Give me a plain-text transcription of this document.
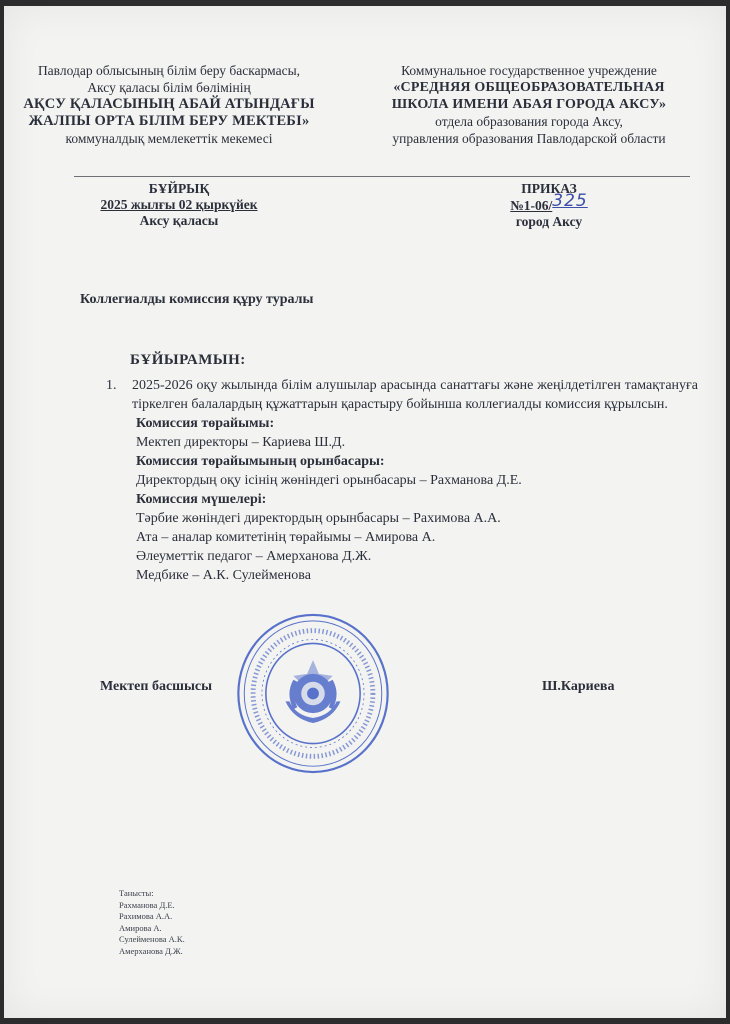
Павлодар облысының білім беру баскармасы,
Аксу қаласы білім бөлімінің
АҚСУ ҚАЛАСЫНЫҢ АБАЙ АТЫНДАҒЫ
ЖАЛПЫ ОРТА БІЛІМ БЕРУ МЕКТЕБІ»
коммуналдық мемлекеттік мекемесі
Коммунальное государственное учреждение
«СРЕДНЯЯ ОБЩЕОБРАЗОВАТЕЛЬНАЯ
ШКОЛА ИМЕНИ АБАЯ ГОРОДА АКСУ»
отдела образования города Аксу,
управления образования Павлодарской области
БҰЙРЫҚ
2025 жылғы 02 қыркүйек
Аксу қаласы
ПРИКАЗ
№1-06/325
город Аксу
Коллегиалды комиссия құру туралы
БҰЙЫРАМЫН:
1.	2025-2026 оқу жылында білім алушылар арасында санаттағы және жеңілдетілген тамақтануға тіркелген балалардың құжаттарын қарастыру бойынша коллегиалды комиссия құрылсын.
Комиссия төрайымы:
Мектеп директоры – Кариева Ш.Д.
Комиссия төрайымының орынбасары:
Директордың оқу ісінің жөніндегі орынбасары – Рахманова Д.Е.
Комиссия мүшелері:
Тәрбие жөніндегі директордың орынбасары – Рахимова А.А.
Ата – аналар комитетінің төрайымы – Амирова А.
Әлеуметтік педагог – Амерханова Д.Ж.
Медбике – А.К. Сулейменова
Мектеп басшысы	Ш.Кариева
Танысты:
Рахманова Д.Е.
Рахимова А.А.
Амирова А.
Сулейменова А.К.
Амерханова Д.Ж.
